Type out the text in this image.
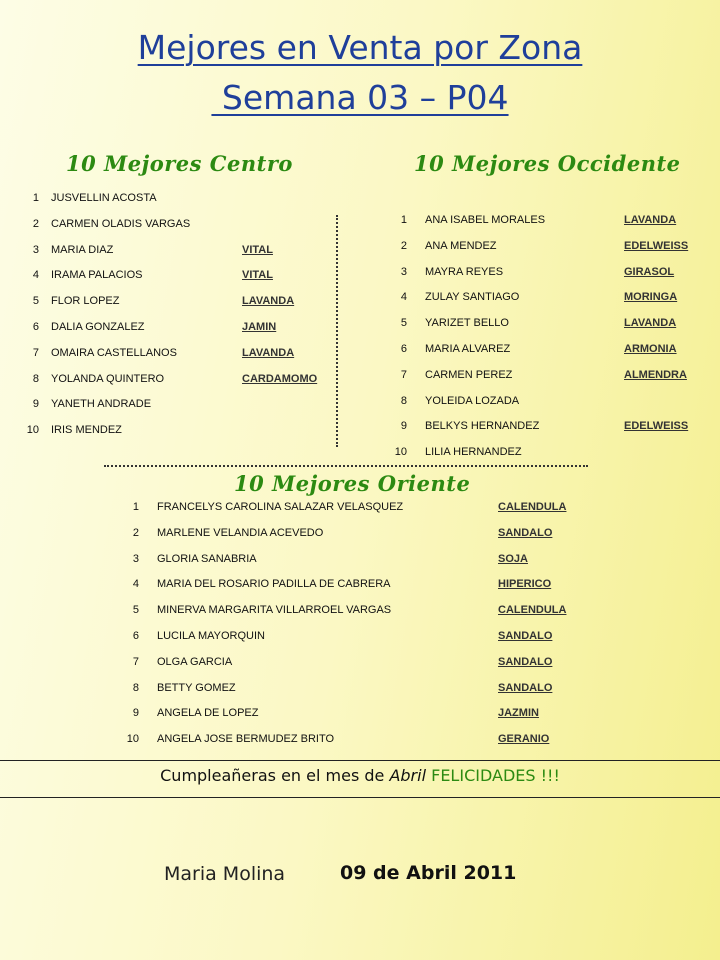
Mejores en Venta por Zona
Semana 03 – P04
10 Mejores Centro	10 Mejores Occidente
1 JUSVELLIN ACOSTA
2 CARMEN OLADIS VARGAS
3 MARIA DIAZ	VITAL
4 IRAMA PALACIOS	VITAL
5 FLOR LOPEZ	LAVANDA
6 DALIA GONZALEZ	JAMIN
7 OMAIRA CASTELLANOS	LAVANDA
8 YOLANDA QUINTERO	CARDAMOMO
9 YANETH ANDRADE
10 IRIS MENDEZ
1 ANA ISABEL MORALES	LAVANDA
2 ANA MENDEZ	EDELWEISS
3 MAYRA REYES	GIRASOL
4 ZULAY SANTIAGO	MORINGA
5 YARIZET BELLO	LAVANDA
6 MARIA ALVAREZ	ARMONIA
7 CARMEN PEREZ	ALMENDRA
8 YOLEIDA LOZADA
9 BELKYS HERNANDEZ	EDELWEISS
10 LILIA HERNANDEZ
10 Mejores Oriente
1 FRANCELYS CAROLINA SALAZAR VELASQUEZ	CALENDULA
2 MARLENE VELANDIA ACEVEDO	SANDALO
3 GLORIA SANABRIA	SOJA
4 MARIA DEL ROSARIO PADILLA DE CABRERA	HIPERICO
5 MINERVA MARGARITA VILLARROEL VARGAS	CALENDULA
6 LUCILA MAYORQUIN	SANDALO
7 OLGA GARCIA	SANDALO
8 BETTY GOMEZ	SANDALO
9 ANGELA DE LOPEZ	JAZMIN
10 ANGELA JOSE BERMUDEZ BRITO	GERANIO
Cumpleañeras en el mes de Abril FELICIDADES !!!
Maria Molina	09 de Abril 2011
